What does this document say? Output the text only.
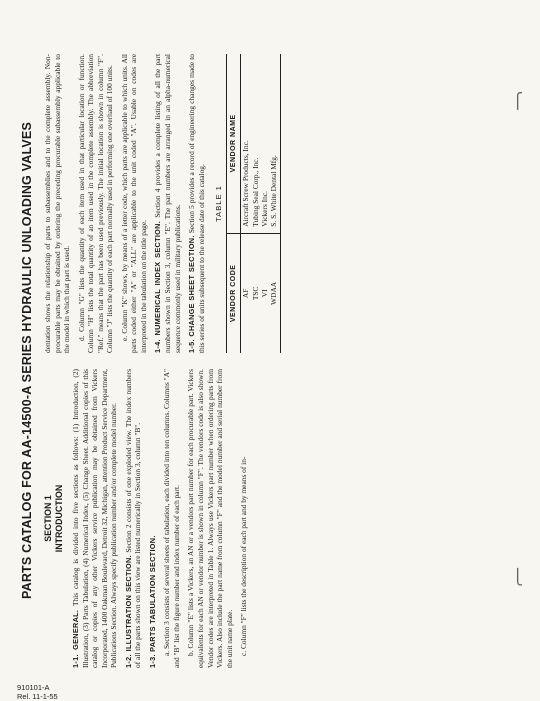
PARTS CATALOG FOR AA-14500-A SERIES HYDRAULIC UNLOADING VALVES SECTION 1 INTRODUCTION

1-1. GENERAL. This catalog is divided into five sections as follows: (1) Introduction, (2) Illustration, (3) Parts Tabulation, (4) Numerical Index, (5) Change Sheet. Additional copies of this catalog or copies of any other Vickers service publication may be obtained from Vickers Incorporated, 1400 Oakman Boulevard, Detroit 32, Michigan, attention Product Service Department, Publications Section. Always specify publication number and/or complete model number. 1-2. ILLUSTRATION SECTION. Section 2 consists of one exploded view. The index numbers of all the parts shown on this view are listed numerically in Section 3, column "B". 1-3. PARTS TABULATION SECTION. a. Section 3 consists of several sheets of tabulation, each divided into ten columns. Columns "A" and "B" list the figure number and index number of each part. b. Column "E" lists a Vickers, an AN or a vendors part number for each procurable part. Vickers equivalents for each AN or vendor number is shown in column "F". The vendors code is also shown. Vendor codes are interpreted in Table 1. Always use Vickers part number when ordering parts from Vickers. Also include the part name from column "F" and the model number and serial number from the unit name plate. c. Column "F" lists the description of each part and by means of in-

dentation shows the relationship of parts to subassemblies and to the complete assembly. Non-procurable parts may be obtained by ordering the preceding procurable subassembly applicable to the model in which that part is used. d. Column "G" lists the quantity of each item used in that particular location or function. Column "H" lists the total quantity of an item used in the complete assembly. The abbreviation "Ref." means that the part has been used previously. The initial location is shown in column "F". Column "J" lists the quantity of each part normally used in performing one overhaul of 100 units. e. Column "K" shows, by means of a letter code, which parts are applicable to which units. All parts coded either "A" or "ALL" are applicable to the unit coded "A". Usable on codes are interpreted in the tabulation on the title page. 1-4. NUMERICAL INDEX SECTION. Section 4 provides a complete listing of all the part numbers shown in Section 3, column "E". The part numbers are arranged in an alpha-numerical sequence commonly used in military publications. 1-5. CHANGE SHEET SECTION. Section 5 provides a record of engineering changes made to this series of units subsequent to the release date of this catalog. TABLE 1
VENDOR CODE	VENDOR NAME
AF	Aircraft Screw Products, Inc.
TSC	Tubing Seal Corp., Inc.
VI	Vickers Inc.
WDAA	S. S. White Dental Mfg.
910101-A
Rel. 11-1-55
⎧
⎩
